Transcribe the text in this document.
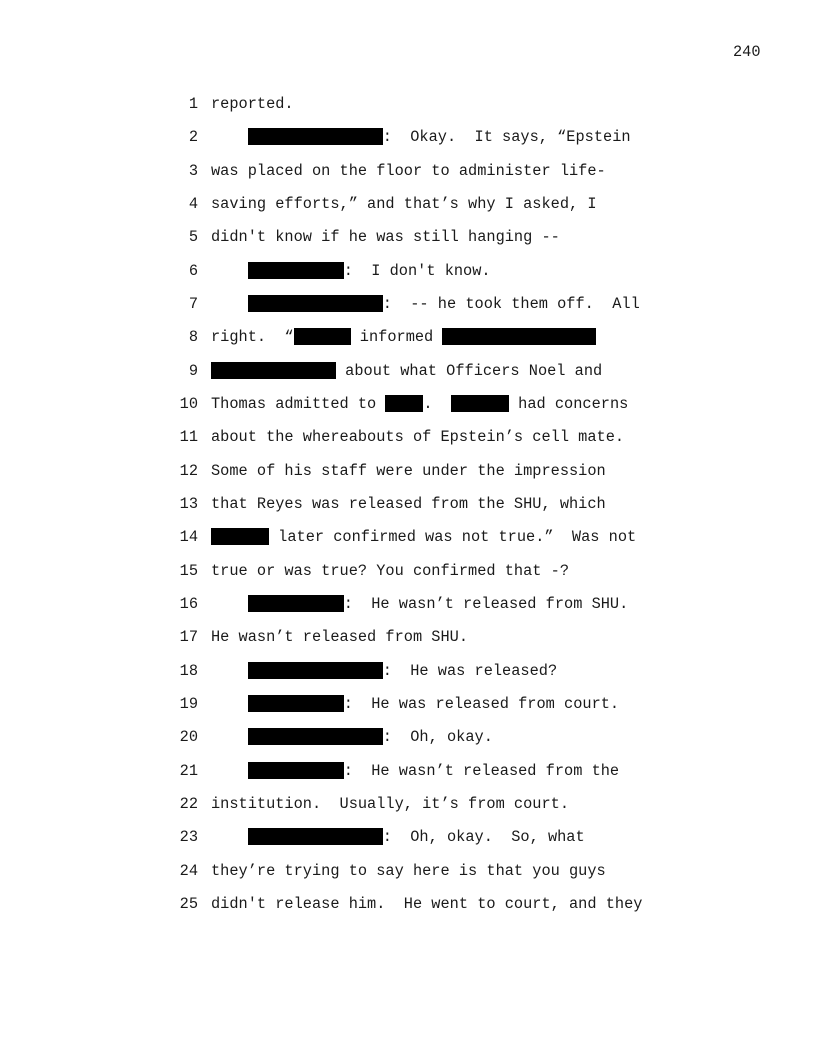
240
1 reported.
2	:  Okay.  It says, “Epstein
3 was placed on the floor to administer life-
4 saving efforts,” and that’s why I asked, I
5 didn't know if he was still hanging --
6	:  I don't know.
7	:  -- he took them off.  All
8 right.  “	informed
9	about what Officers Noel and
10 Thomas admitted to .	had concerns
11 about the whereabouts of Epstein’s cell mate.
12 Some of his staff were under the impression
13 that Reyes was released from the SHU, which
14	later confirmed was not true.”  Was not
15 true or was true? You confirmed that -?
16	:  He wasn’t released from SHU.
17 He wasn’t released from SHU.
18	:  He was released?
19	:  He was released from court.
20	:  Oh, okay.
21	:  He wasn’t released from the
22 institution.  Usually, it’s from court.
23	:  Oh, okay.  So, what
24 they’re trying to say here is that you guys
25 didn't release him.  He went to court, and they
